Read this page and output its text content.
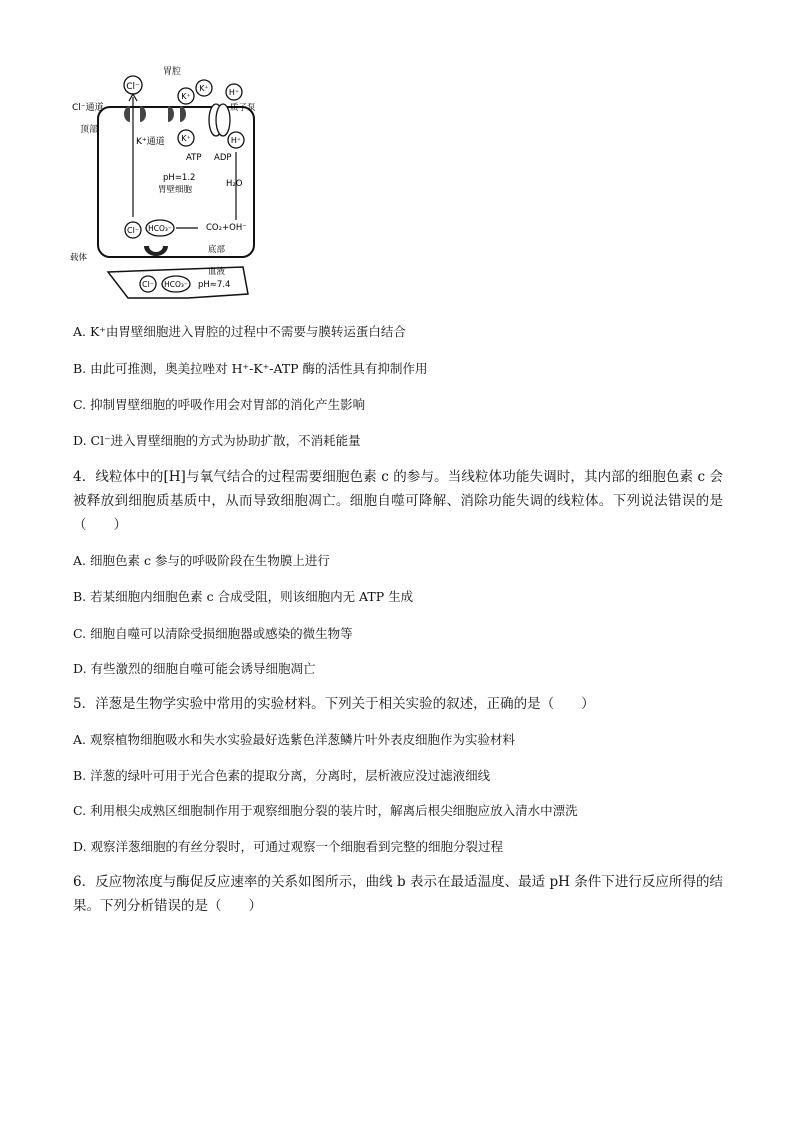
Cl⁻
胃腔
Cl⁻通道
顶部
K⁺通道
K⁺
K⁺	H⁺
K⁺
质子泵
ATP ADP
H⁺
pH=1.2
胃壁细胞
H₂O
CO₂+OH⁻
Cl⁻ HCO₃⁻
底部
载体
Cl⁻ HCO₃⁻
血液
pH≈7.4
A. K⁺由胃壁细胞进入胃腔的过程中不需要与膜转运蛋白结合
B. 由此可推测，奥美拉唑对 H⁺-K⁺-ATP 酶的活性具有抑制作用
C. 抑制胃壁细胞的呼吸作用会对胃部的消化产生影响
D. Cl⁻进入胃壁细胞的方式为协助扩散，不消耗能量
4．线粒体中的[H]与氧气结合的过程需要细胞色素 c 的参与。当线粒体功能失调时，其内部的细胞色素 c 会被释放到细胞质基质中，从而导致细胞凋亡。细胞自噬可降解、消除功能失调的线粒体。下列说法错误的是（　　）
A. 细胞色素 c 参与的呼吸阶段在生物膜上进行
B. 若某细胞内细胞色素 c 合成受阻，则该细胞内无 ATP 生成
C. 细胞自噬可以清除受损细胞器或感染的微生物等
D. 有些激烈的细胞自噬可能会诱导细胞凋亡
5．洋葱是生物学实验中常用的实验材料。下列关于相关实验的叙述，正确的是（　　）
A. 观察植物细胞吸水和失水实验最好选紫色洋葱鳞片叶外表皮细胞作为实验材料
B. 洋葱的绿叶可用于光合色素的提取分离，分离时，层析液应没过滤液细线
C. 利用根尖成熟区细胞制作用于观察细胞分裂的装片时，解离后根尖细胞应放入清水中漂洗
D. 观察洋葱细胞的有丝分裂时，可通过观察一个细胞看到完整的细胞分裂过程
6．反应物浓度与酶促反应速率的关系如图所示，曲线 b 表示在最适温度、最适 pH 条件下进行反应所得的结果。下列分析错误的是（　　）
